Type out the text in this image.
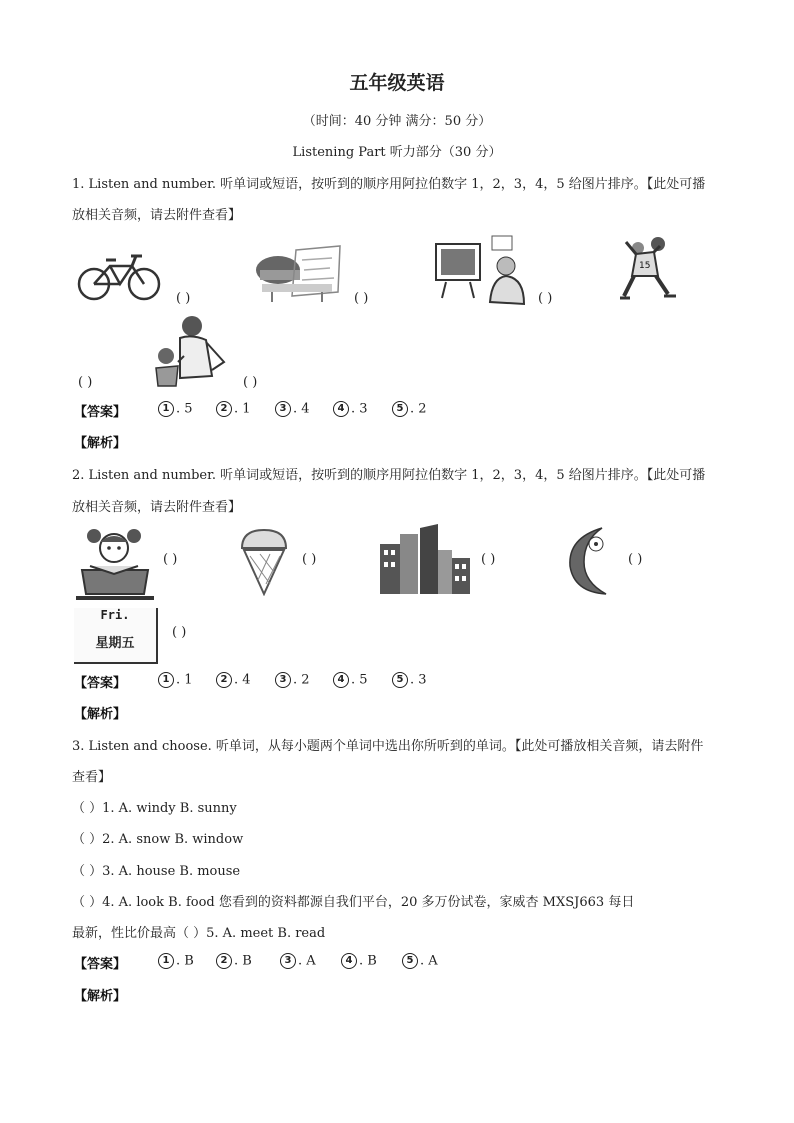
五年级英语
（时间：40 分钟 满分：50 分）
Listening Part 听力部分（30 分）
1. Listen and number. 听单词或短语，按听到的顺序用阿拉伯数字 1，2，3，4，5 给图片排序。【此处可播
放相关音频，请去附件查看】
( )	( )	( )
15
( )	( )
【答案】	1 . 5	2 . 1	3 . 4	4 . 3	5 . 2
【解析】
2. Listen and number. 听单词或短语，按听到的顺序用阿拉伯数字 1，2，3，4，5 给图片排序。【此处可播
放相关音频，请去附件查看】
( )	( )	( )	( )
Fri.
星期五
( )
【答案】	1 . 1	2 . 4	3 . 2	4 . 5	5 . 3
【解析】
3. Listen and choose. 听单词，从每小题两个单词中选出你所听到的单词。【此处可播放相关音频，请去附件
查看】
（ ）1. A. windy B. sunny
（ ）2. A. snow B. window
（ ）3. A. house B. mouse
（ ）4. A. look B. food 您看到的资料都源自我们平台，20 多万份试卷，家威杏 MXSJ663 每日
最新，性比价最高（ ）5. A. meet B. read
【答案】	1 . B	2 . B	3 . A	4 . B	5 . A
【解析】
